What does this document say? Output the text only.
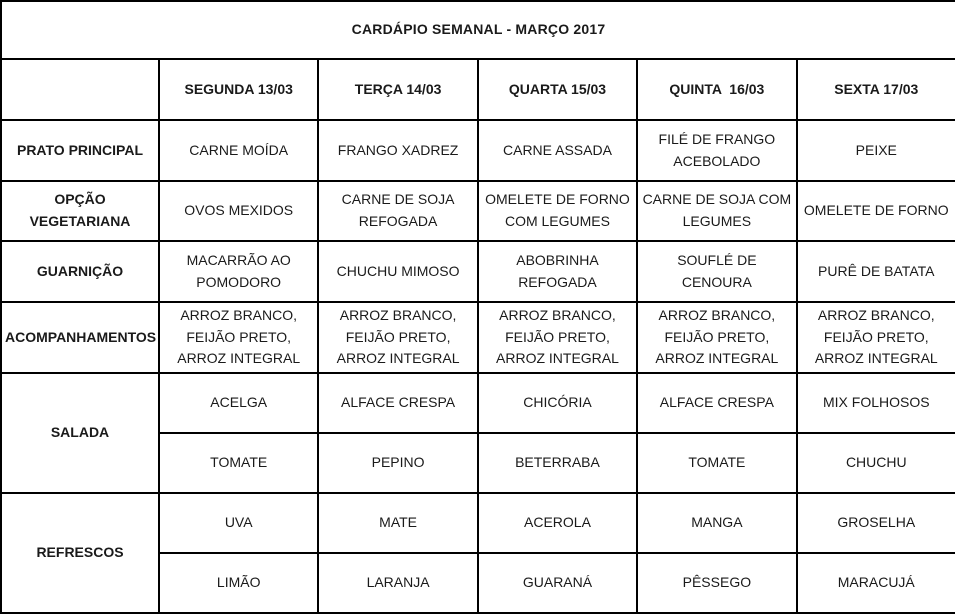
CARDÁPIO SEMANAL - MARÇO 2017					
	SEGUNDA 13/03	TERÇA 14/03	QUARTA 15/03	QUINTA  16/03	SEXTA 17/03
PRATO PRINCIPAL	CARNE MOÍDA	FRANGO XADREZ	CARNE ASSADA	FILÉ DE FRANGO ACEBOLADO	PEIXE
OPÇÃO VEGETARIANA	OVOS MEXIDOS	CARNE DE SOJA REFOGADA	OMELETE DE FORNO COM LEGUMES	CARNE DE SOJA COM LEGUMES	OMELETE DE FORNO
GUARNIÇÃO	MACARRÃO AO POMODORO	CHUCHU MIMOSO	ABOBRINHA REFOGADA	SOUFLÉ DE CENOURA	PURÊ DE BATATA
ACOMPANHAMENTOS	ARROZ BRANCO, FEIJÃO PRETO, ARROZ INTEGRAL	ARROZ BRANCO, FEIJÃO PRETO, ARROZ INTEGRAL	ARROZ BRANCO, FEIJÃO PRETO, ARROZ INTEGRAL	ARROZ BRANCO, FEIJÃO PRETO, ARROZ INTEGRAL	ARROZ BRANCO, FEIJÃO PRETO, ARROZ INTEGRAL
SALADA	ACELGA	ALFACE CRESPA	CHICÓRIA	ALFACE CRESPA	MIX FOLHOSOS
	TOMATE	PEPINO	BETERRABA	TOMATE	CHUCHU
REFRESCOS	UVA	MATE	ACEROLA	MANGA	GROSELHA
	LIMÃO	LARANJA	GUARANÁ	PÊSSEGO	MARACUJÁ
